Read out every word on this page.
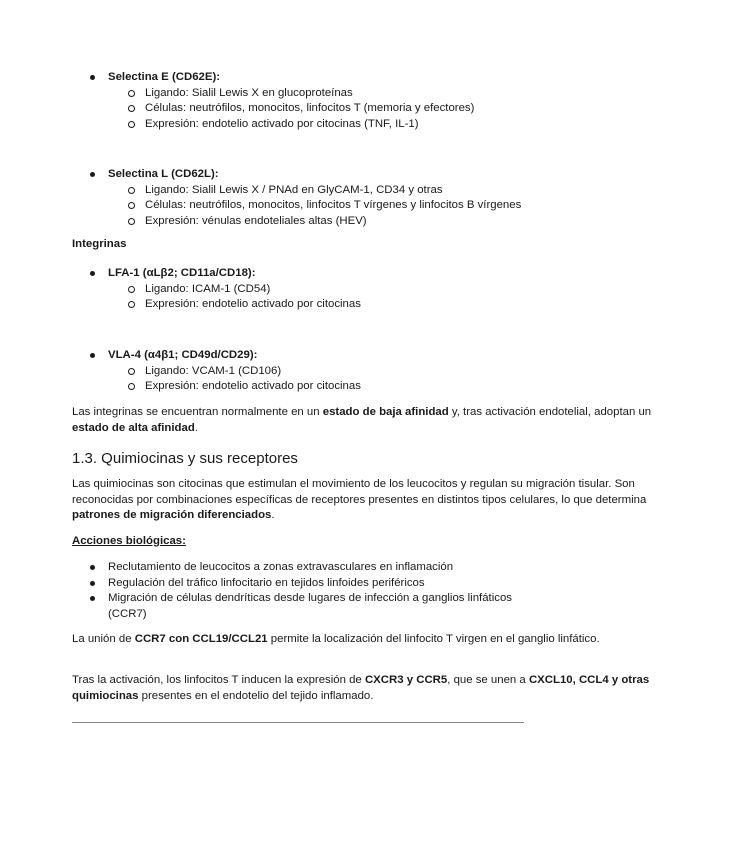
Selectina E (CD62E):
Ligando: Sialil Lewis X en glucoproteínas
Células: neutrófilos, monocitos, linfocitos T (memoria y efectores)
Expresión: endotelio activado por citocinas (TNF, IL-1)
Selectina L (CD62L):
Ligando: Sialil Lewis X / PNAd en GlyCAM-1, CD34 y otras
Células: neutrófilos, monocitos, linfocitos T vírgenes y linfocitos B vírgenes
Expresión: vénulas endoteliales altas (HEV)
Integrinas
LFA-1 (αLβ2; CD11a/CD18):
Ligando: ICAM-1 (CD54)
Expresión: endotelio activado por citocinas
VLA-4 (α4β1; CD49d/CD29):
Ligando: VCAM-1 (CD106)
Expresión: endotelio activado por citocinas
Las integrinas se encuentran normalmente en un estado de baja afinidad y, tras activación endotelial, adoptan un estado de alta afinidad.
1.3. Quimiocinas y sus receptores
Las quimiocinas son citocinas que estimulan el movimiento de los leucocitos y regulan su migración tisular. Son reconocidas por combinaciones específicas de receptores presentes en distintos tipos celulares, lo que determina patrones de migración diferenciados.
Acciones biológicas:
Reclutamiento de leucocitos a zonas extravasculares en inflamación
Regulación del tráfico linfocitario en tejidos linfoides periféricos
Migración de células dendríticas desde lugares de infección a ganglios linfáticos (CCR7)
La unión de CCR7 con CCL19/CCL21 permite la localización del linfocito T virgen en el ganglio linfático.
Tras la activación, los linfocitos T inducen la expresión de CXCR3 y CCR5, que se unen a CXCL10, CCL4 y otras quimiocinas presentes en el endotelio del tejido inflamado.
